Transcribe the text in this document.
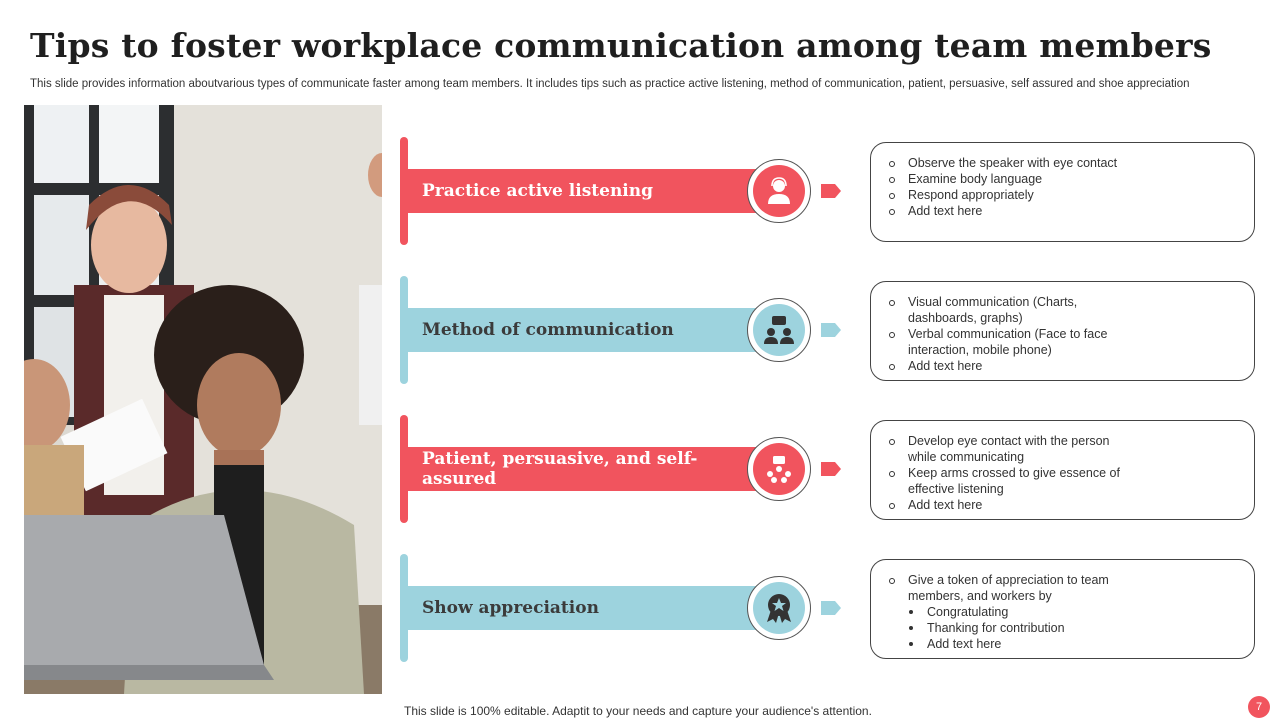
Tips to foster workplace communication among team members
This slide provides information aboutvarious types of communicate faster among team members. It includes tips such as practice active listening, method of communication, patient, persuasive, self assured and shoe appreciation
Practice active listening
Observe the speaker with eye contact
Examine body language
Respond appropriately
Add text here
Method of communication
Visual communication (Charts, dashboards, graphs)
Verbal communication (Face to face interaction, mobile phone)
Add text here
Patient, persuasive, and self-assured
Develop eye contact with the person while communicating
Keep arms crossed to give essence of effective listening
Add text here
Show appreciation
Give a token of appreciation to team members, and workers by
Congratulating
Thanking for contribution
Add text here
This slide is 100% editable. Adaptit to your needs and capture your audience's attention.	7
